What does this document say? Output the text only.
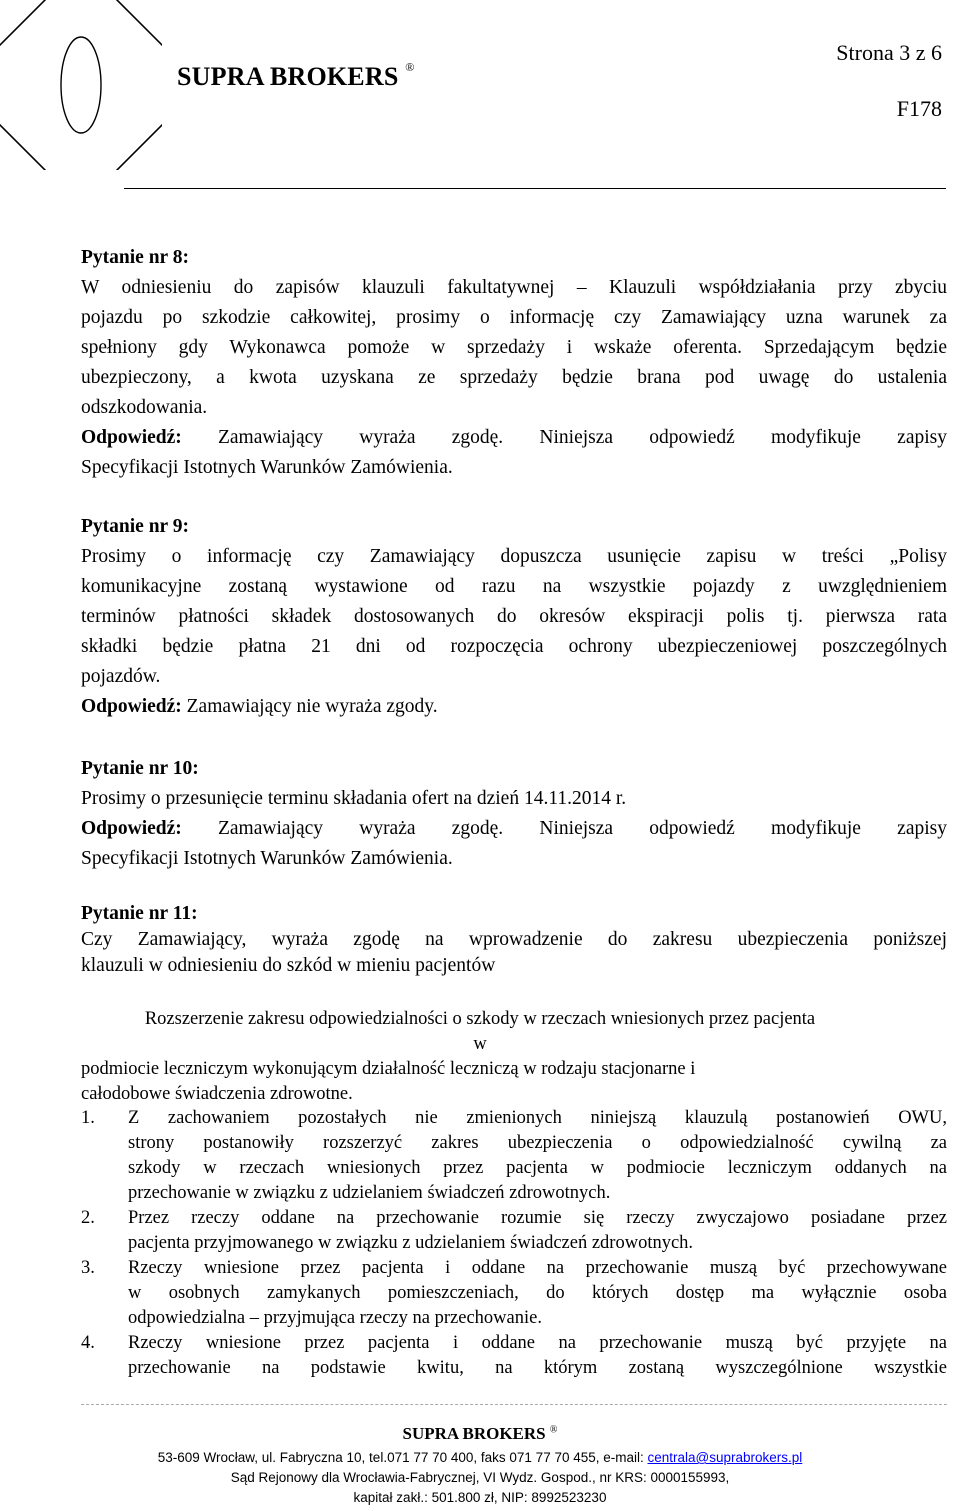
SUPRA BROKERS ®
Strona 3 z 6
F178
Pytanie nr 8:
W odniesieniu do zapisów klauzuli fakultatywnej – Klauzuli współdziałania przy zbyciu
pojazdu po szkodzie całkowitej, prosimy o informację czy Zamawiający uzna warunek za
spełniony gdy Wykonawca pomoże w sprzedaży i wskaże oferenta. Sprzedającym będzie
ubezpieczony, a kwota uzyskana ze sprzedaży będzie brana pod uwagę do ustalenia
odszkodowania.
Odpowiedź: Zamawiający wyraża zgodę. Niniejsza odpowiedź modyfikuje zapisy
Specyfikacji Istotnych Warunków Zamówienia.
Pytanie nr 9:
Prosimy o informację czy Zamawiający dopuszcza usunięcie zapisu w treści „Polisy
komunikacyjne zostaną wystawione od razu na wszystkie pojazdy z uwzględnieniem
terminów płatności składek dostosowanych do okresów ekspiracji polis tj. pierwsza rata
składki będzie płatna 21 dni od rozpoczęcia ochrony ubezpieczeniowej poszczególnych
pojazdów.
Odpowiedź: Zamawiający nie wyraża zgody.
Pytanie nr 10:
Prosimy o przesunięcie terminu składania ofert na dzień 14.11.2014 r.
Odpowiedź: Zamawiający wyraża zgodę. Niniejsza odpowiedź modyfikuje zapisy
Specyfikacji Istotnych Warunków Zamówienia.
Pytanie nr 11:
Czy Zamawiający, wyraża zgodę na wprowadzenie do zakresu ubezpieczenia poniższej
klauzuli w odniesieniu do szkód w mieniu pacjentów
Rozszerzenie zakresu odpowiedzialności o szkody w rzeczach wniesionych przez pacjenta
w
podmiocie leczniczym wykonującym działalność leczniczą w rodzaju stacjonarne i
całodobowe świadczenia zdrowotne.
1. Z zachowaniem pozostałych nie zmienionych niniejszą klauzulą postanowień OWU,
strony postanowiły rozszerzyć zakres ubezpieczenia o odpowiedzialność cywilną za
szkody w rzeczach wniesionych przez pacjenta w podmiocie leczniczym oddanych na
przechowanie w związku z udzielaniem świadczeń zdrowotnych.
2. Przez rzeczy oddane na przechowanie rozumie się rzeczy zwyczajowo posiadane przez
pacjenta przyjmowanego w związku z udzielaniem świadczeń zdrowotnych.
3. Rzeczy wniesione przez pacjenta i oddane na przechowanie muszą być przechowywane
w osobnych zamykanych pomieszczeniach, do których dostęp ma wyłącznie osoba
odpowiedzialna – przyjmująca rzeczy na przechowanie.
4. Rzeczy wniesione przez pacjenta i oddane na przechowanie muszą być przyjęte na
przechowanie na podstawie kwitu, na którym zostaną wyszczególnione wszystkie
SUPRA BROKERS ®
53-609 Wrocław, ul. Fabryczna 10, tel.071 77 70 400, faks 071 77 70 455, e-mail: centrala@suprabrokers.pl
Sąd Rejonowy dla Wrocławia-Fabrycznej, VI Wydz. Gospod., nr KRS: 0000155993,
kapitał zakł.: 501.800 zł, NIP: 8992523230
